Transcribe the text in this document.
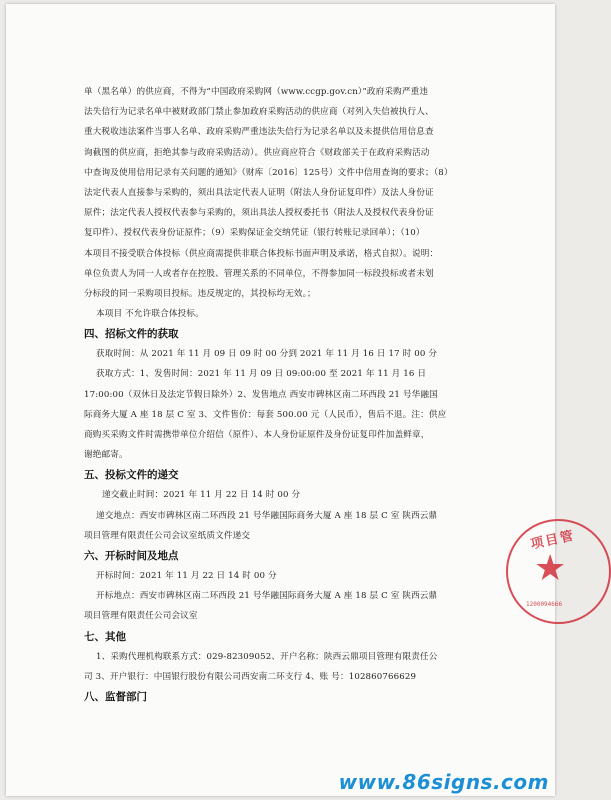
单（黑名单）的供应商，不得为“中国政府采购网（www.ccgp.gov.cn）”政府采购严重违
法失信行为记录名单中被财政部门禁止参加政府采购活动的供应商（对列入失信被执行人、
重大税收违法案件当事人名单、政府采购严重违法失信行为记录名单以及未提供信用信息查
询截图的供应商，拒绝其参与政府采购活动）。供应商应符合《财政部关于在政府采购活动
中查询及使用信用记录有关问题的通知》（财库〔2016〕125号）文件中信用查询的要求；（8）
法定代表人直接参与采购的，须出具法定代表人证明（附法人身份证复印件）及法人身份证
原件；法定代表人授权代表参与采购的，须出具法人授权委托书（附法人及授权代表身份证
复印件）、授权代表身份证原件；（9）采购保证金交纳凭证（银行转账记录回单）；（10）
本项目不接受联合体投标（供应商需提供非联合体投标书面声明及承诺，格式自拟）。说明：
单位负责人为同一人或者存在控股、管理关系的不同单位，不得参加同一标段投标或者未划
分标段的同一采购项目投标。违反规定的，其投标均无效。；
本项目 不允许联合体投标。
四、招标文件的获取
获取时间：从 2021 年 11 月 09 日 09 时 00 分到 2021 年 11 月 16 日 17 时 00 分
获取方式：1、发售时间：2021 年 11 月 09 日 09:00:00 至 2021 年 11 月 16 日
17:00:00（双休日及法定节假日除外）2、发售地点 西安市碑林区南二环西段 21 号华融国
际商务大厦 A 座 18 层 C 室 3、文件售价：每套 500.00 元（人民币），售后不退。注：供应
商购买采购文件时需携带单位介绍信（原件）、本人身份证原件及身份证复印件加盖鲜章，
谢绝邮寄。
五、投标文件的递交
递交截止时间：2021 年 11 月 22 日 14 时 00 分
递交地点：西安市碑林区南二环西段 21 号华融国际商务大厦 A 座 18 层 C 室 陕西云鼎
项目管理有限责任公司会议室纸质文件递交
六、开标时间及地点
开标时间：2021 年 11 月 22 日 14 时 00 分
开标地点：西安市碑林区南二环西段 21 号华融国际商务大厦 A 座 18 层 C 室 陕西云鼎
项目管理有限责任公司会议室
七、其他
1、采购代理机构联系方式：029-82309052、开户名称：陕西云鼎项目管理有限责任公
司 3、开户银行：中国银行股份有限公司西安南二环支行 4、账 号：102860766629
八、监督部门
项目管
★
1200094666
www.86signs.com
